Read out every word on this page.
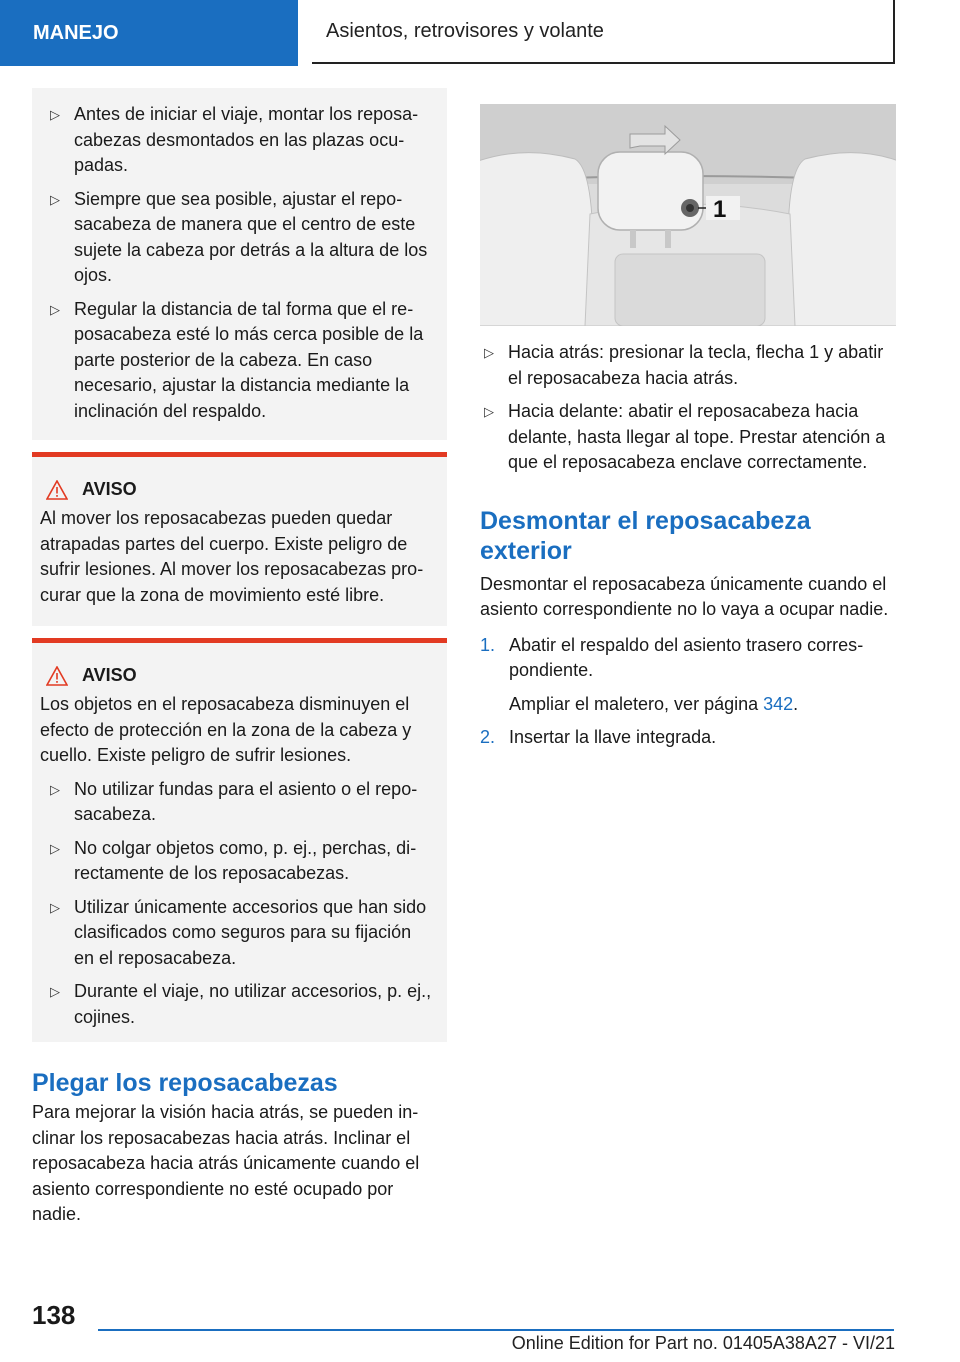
MANEJO	Asientos, retrovisores y volante
▷ Antes de iniciar el viaje, montar los reposacabezas desmontados en las plazas ocupadas.
▷ Siempre que sea posible, ajustar el reposacabeza de manera que el centro de este sujete la cabeza por detrás a la altura de los ojos.
▷ Regular la distancia de tal forma que el reposacabeza esté lo más cerca posible de la parte posterior de la cabeza. En caso necesario, ajustar la distancia mediante la inclinación del respaldo.
AVISO
Al mover los reposacabezas pueden quedar atrapadas partes del cuerpo. Existe peligro de sufrir lesiones. Al mover los reposacabezas procurar que la zona de movimiento esté libre.
AVISO
Los objetos en el reposacabeza disminuyen el efecto de protección en la zona de la cabeza y cuello. Existe peligro de sufrir lesiones.
▷ No utilizar fundas para el asiento o el reposacabeza.
▷ No colgar objetos como, p. ej., perchas, directamente de los reposacabezas.
▷ Utilizar únicamente accesorios que han sido clasificados como seguros para su fijación en el reposacabeza.
▷ Durante el viaje, no utilizar accesorios, p. ej., cojines.
Plegar los reposacabezas

Para mejorar la visión hacia atrás, se pueden inclinar los reposacabezas hacia atrás. Inclinar el reposacabeza hacia atrás únicamente cuando el asiento correspondiente no esté ocupado por nadie.

1
▷ Hacia atrás: presionar la tecla, flecha 1 y abatir el reposacabeza hacia atrás.
▷ Hacia delante: abatir el reposacabeza hacia delante, hasta llegar al tope. Prestar atención a que el reposacabeza enclave correctamente.
Desmontar el reposacabeza exterior

Desmontar el reposacabeza únicamente cuando el asiento correspondiente no lo vaya a ocupar nadie.

1. Abatir el respaldo del asiento trasero correspondiente.
Ampliar el maletero, ver página 342.
2. Insertar la llave integrada.
138
Online Edition for Part no. 01405A38A27 - VI/21
